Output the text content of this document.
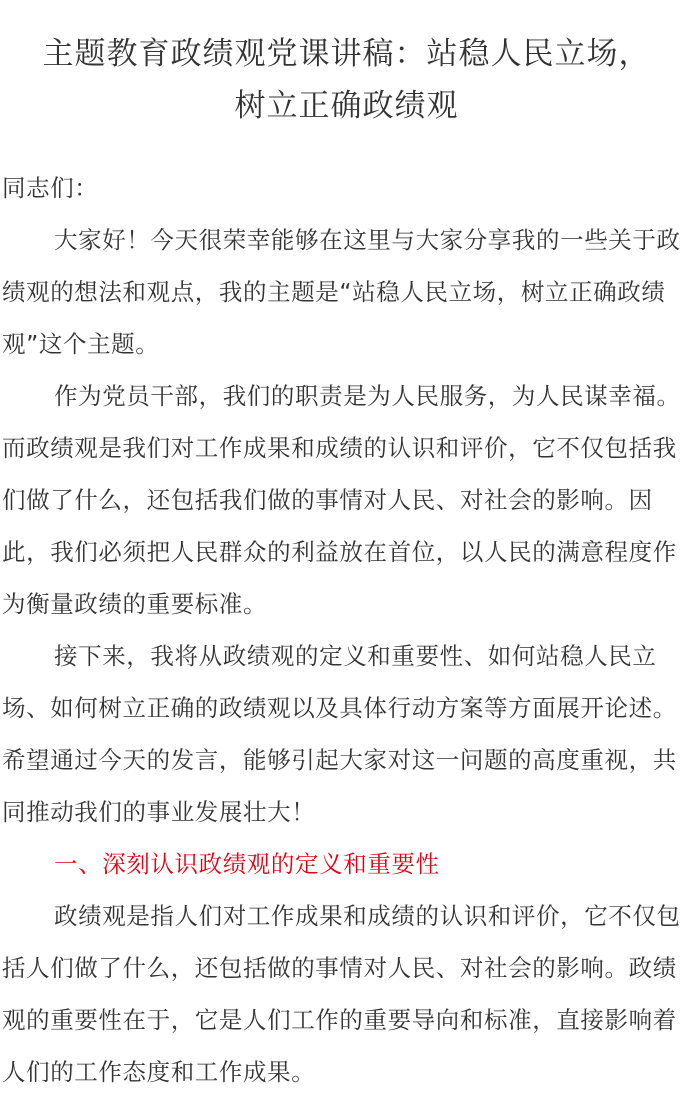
主题教育政绩观党课讲稿：站稳人民立场，
树立正确政绩观

同志们：

大家好！今天很荣幸能够在这里与大家分享我的一些关于政绩观的想法和观点，我的主题是“站稳人民立场，树立正确政绩观”这个主题。

作为党员干部，我们的职责是为人民服务，为人民谋幸福。而政绩观是我们对工作成果和成绩的认识和评价，它不仅包括我们做了什么，还包括我们做的事情对人民、对社会的影响。因此，我们必须把人民群众的利益放在首位，以人民的满意程度作为衡量政绩的重要标准。

接下来，我将从政绩观的定义和重要性、如何站稳人民立场、如何树立正确的政绩观以及具体行动方案等方面展开论述。希望通过今天的发言，能够引起大家对这一问题的高度重视，共同推动我们的事业发展壮大！

一、深刻认识政绩观的定义和重要性

政绩观是指人们对工作成果和成绩的认识和评价，它不仅包括人们做了什么，还包括做的事情对人民、对社会的影响。政绩观的重要性在于，它是人们工作的重要导向和标准，直接影响着人们的工作态度和工作成果。
